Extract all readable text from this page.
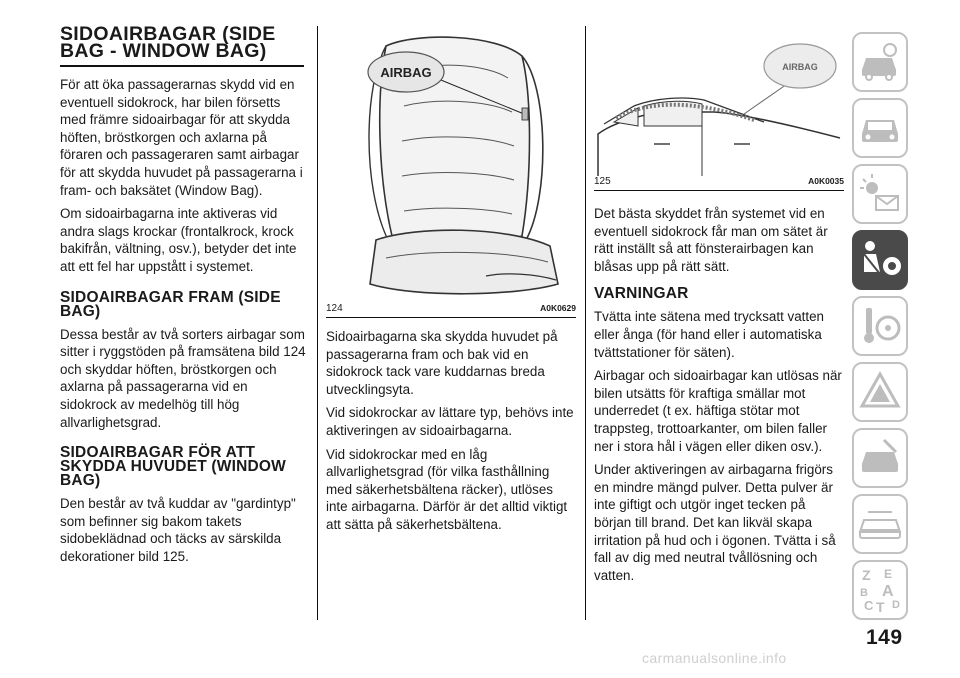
SIDOAIRBAGAR (SIDE BAG - WINDOW BAG)

För att öka passagerarnas skydd vid en eventuell sidokrock, har bilen försetts med främre sidoairbagar för att skydda höften, bröstkorgen och axlarna på föraren och passageraren samt airbagar för att skydda huvudet på passagerarna i fram- och baksätet (Window Bag).

Om sidoairbagarna inte aktiveras vid andra slags krockar (frontalkrock, krock bakifrån, vältning, osv.), betyder det inte att ett fel har uppstått i systemet.

SIDOAIRBAGAR FRAM (SIDE BAG)

Dessa består av två sorters airbagar som sitter i ryggstöden på framsätena bild 124 och skyddar höften, bröstkorgen och axlarna på passagerarna vid en sidokrock av medelhög till hög allvarlighetsgrad.

SIDOAIRBAGAR FÖR ATT SKYDDA HUVUDET (WINDOW BAG)

Den består av två kuddar av "gardintyp" som befinner sig bakom takets sidobeklädnad och täcks av särskilda dekorationer bild 125.

AIRBAG
124	A0K0629

Sidoairbagarna ska skydda huvudet på passagerarna fram och bak vid en sidokrock tack vare kuddarnas breda utvecklingsyta.

Vid sidokrockar av lättare typ, behövs inte aktiveringen av sidoairbagarna.

Vid sidokrockar med en låg allvarlighetsgrad (för vilka fasthållning med säkerhetsbältena räcker), utlöses inte airbagarna. Därför är det alltid viktigt att sätta på säkerhetsbältena.

AIRBAG
125	A0K0035

Det bästa skyddet från systemet vid en eventuell sidokrock får man om sätet är rätt inställt så att fönsterairbagen kan blåsas upp på rätt sätt.

VARNINGAR

Tvätta inte sätena med trycksatt vatten eller ånga (för hand eller i automatiska tvättstationer för säten).

Airbagar och sidoairbagar kan utlösas när bilen utsätts för kraftiga smällar mot underredet (t ex. häftiga stötar mot trappsteg, trottoarkanter, om bilen faller ner i stora hål i vägen eller diken osv.).

Under aktiveringen av airbagarna frigörs en mindre mängd pulver. Detta pulver är inte giftigt och utgör inget tecken på början till brand. Det kan likväl skapa irritation på hud och i ögonen. Tvätta i så fall av dig med neutral tvållösning och vatten.	Z E
B A
C T D
149
carmanualsonline.info
